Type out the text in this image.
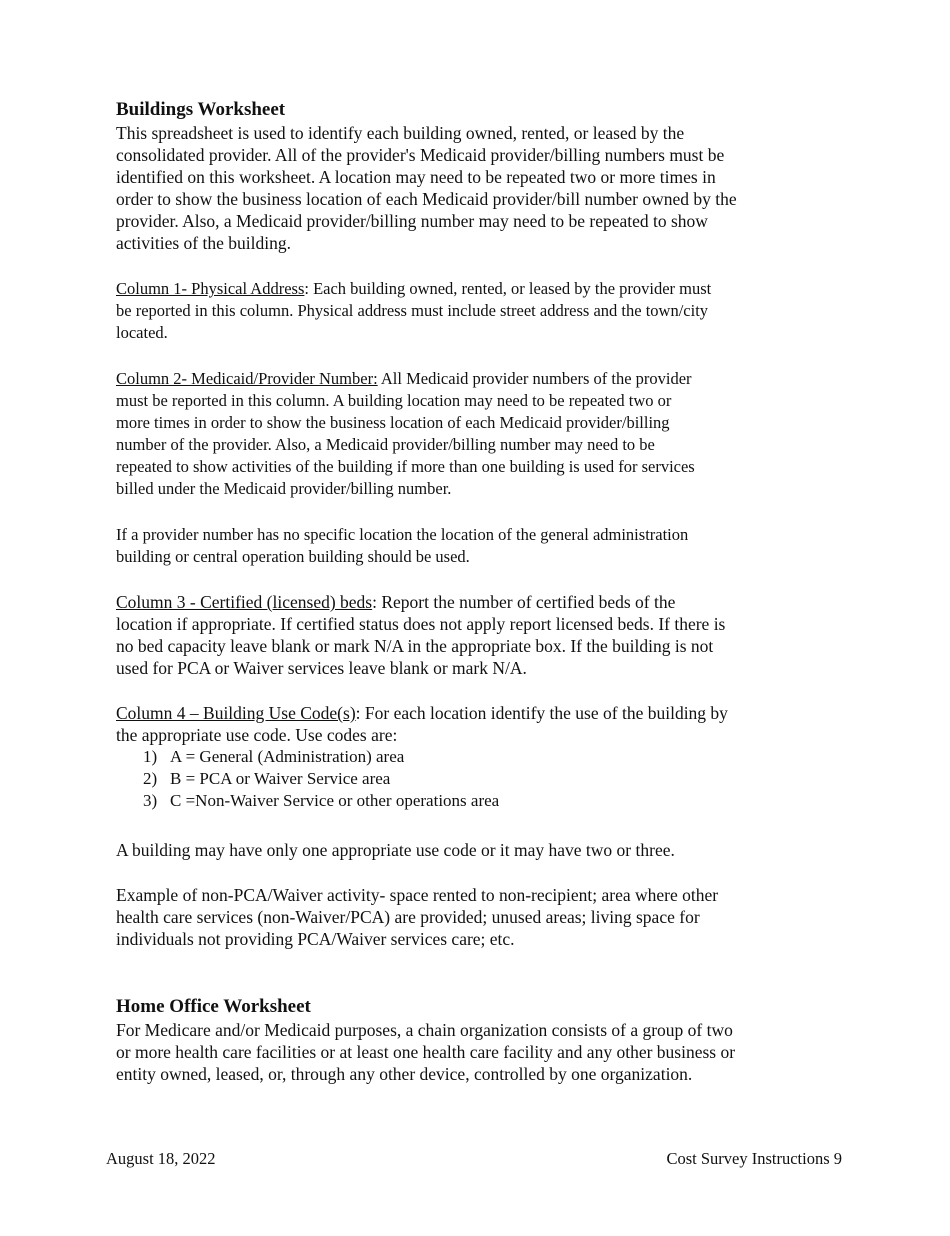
Buildings Worksheet
This spreadsheet is used to identify each building owned, rented, or leased by the
consolidated provider. All of the provider's Medicaid provider/billing numbers must be
identified on this worksheet. A location may need to be repeated two or more times in
order to show the business location of each Medicaid provider/bill number owned by the
provider. Also, a Medicaid provider/billing number may need to be repeated to show
activities of the building.
Column 1- Physical Address: Each building owned, rented, or leased by the provider must
be reported in this column. Physical address must include street address and the town/city
located.
Column 2- Medicaid/Provider Number: All Medicaid provider numbers of the provider
must be reported in this column. A building location may need to be repeated two or
more times in order to show the business location of each Medicaid provider/billing
number of the provider. Also, a Medicaid provider/billing number may need to be
repeated to show activities of the building if more than one building is used for services
billed under the Medicaid provider/billing number.
If a provider number has no specific location the location of the general administration
building or central operation building should be used.
Column 3 - Certified (licensed) beds: Report the number of certified beds of the
location if appropriate. If certified status does not apply report licensed beds. If there is
no bed capacity leave blank or mark N/A in the appropriate box. If the building is not
used for PCA or Waiver services leave blank or mark N/A.
Column 4 – Building Use Code(s): For each location identify the use of the building by
the appropriate use code. Use codes are:
1) A = General (Administration) area
2) B = PCA or Waiver Service area
3) C =Non-Waiver Service or other operations area
A building may have only one appropriate use code or it may have two or three.
Example of non-PCA/Waiver activity- space rented to non-recipient; area where other
health care services (non-Waiver/PCA) are provided; unused areas; living space for
individuals not providing PCA/Waiver services care; etc.
Home Office Worksheet
For Medicare and/or Medicaid purposes, a chain organization consists of a group of two
or more health care facilities or at least one health care facility and any other business or
entity owned, leased, or, through any other device, controlled by one organization.
August 18, 2022	Cost Survey Instructions 9
